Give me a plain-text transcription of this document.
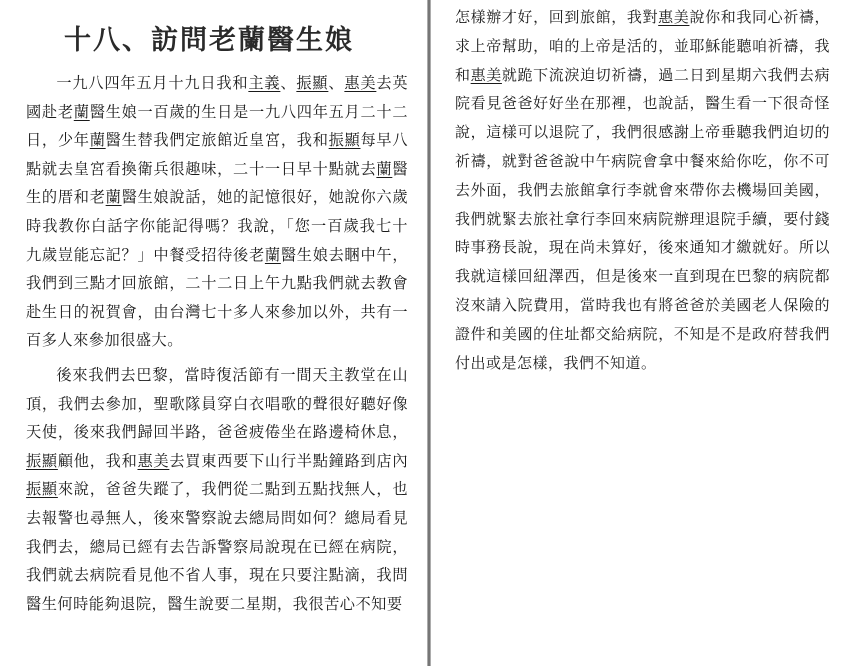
十八、訪問老蘭醫生娘

一九八四年五月十九日我和主義、振顯、惠美去英國赴老蘭醫生娘一百歲的生日是一九八四年五月二十二日，少年蘭醫生替我們定旅館近皇宮，我和振顯每早八點就去皇宮看換衛兵很趣味，二十一日早十點就去蘭醫生的厝和老蘭醫生娘說話，她的記憶很好，她說你六歲時我教你白話字你能記得嗎？我說，「您一百歲我七十九歲豈能忘記？」中餐受招待後老蘭醫生娘去睏中午，我們到三點才回旅館，二十二日上午九點我們就去教會赴生日的祝賀會，由台灣七十多人來參加以外，共有一百多人來參加很盛大。

後來我們去巴黎，當時復活節有一間天主教堂在山頂，我們去參加，聖歌隊員穿白衣唱歌的聲很好聽好像天使，後來我們歸回半路，爸爸疲倦坐在路邊椅休息，振顯顧他，我和惠美去買東西要下山行半點鐘路到店內振顯來說，爸爸失蹤了，我們從二點到五點找無人，也去報警也尋無人，後來警察說去總局問如何？總局看見我們去，總局已經有去告訴警察局說現在已經在病院，我們就去病院看見他不省人事，現在只要注點滴，我問醫生何時能夠退院，醫生說要二星期，我很苦心不知要

怎樣辦才好，回到旅館，我對惠美說你和我同心祈禱，求上帝幫助，咱的上帝是活的，並耶穌能聽咱祈禱，我和惠美就跪下流淚迫切祈禱，過二日到星期六我們去病院看見爸爸好好坐在那裡，也說話，醫生看一下很奇怪說，這樣可以退院了，我們很感謝上帝垂聽我們迫切的祈禱，就對爸爸說中午病院會拿中餐來給你吃，你不可去外面，我們去旅館拿行李就會來帶你去機場回美國，我們就緊去旅社拿行李回來病院辦理退院手續，要付錢時事務長說，現在尚未算好，後來通知才繳就好。所以我就這樣回紐澤西，但是後來一直到現在巴黎的病院都沒來請入院費用，當時我也有將爸爸於美國老人保險的證件和美國的住址都交給病院，不知是不是政府替我們付出或是怎樣，我們不知道。
